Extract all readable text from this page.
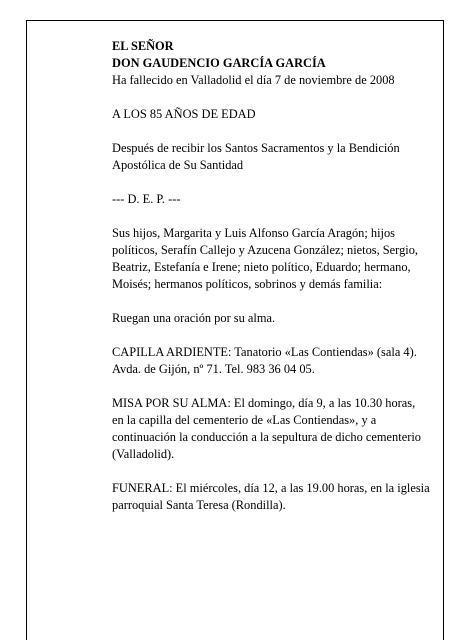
EL SEÑOR
DON GAUDENCIO GARCÍA GARCÍA
Ha fallecido en Valladolid el día 7 de noviembre de 2008

A LOS 85 AÑOS DE EDAD

Después de recibir los Santos Sacramentos y la Bendición Apostólica de Su Santidad

--- D. E. P. ---

Sus hijos, Margarita y Luis Alfonso García Aragón; hijos políticos, Serafín Callejo y Azucena González; nietos, Sergio, Beatriz, Estefanía e Irene; nieto político, Eduardo; hermano, Moisés; hermanos políticos, sobrinos y demás familia:

Ruegan una oración por su alma.

CAPILLA ARDIENTE: Tanatorio «Las Contiendas» (sala 4). Avda. de Gijón, nº 71. Tel. 983 36 04 05.

MISA POR SU ALMA: El domingo, día 9, a las 10.30 horas, en la capilla del cementerio de «Las Contiendas», y a continuación la conducción a la sepultura de dicho cementerio (Valladolid).

FUNERAL: El miércoles, día 12, a las 19.00 horas, en la iglesia parroquial Santa Teresa (Rondilla).
